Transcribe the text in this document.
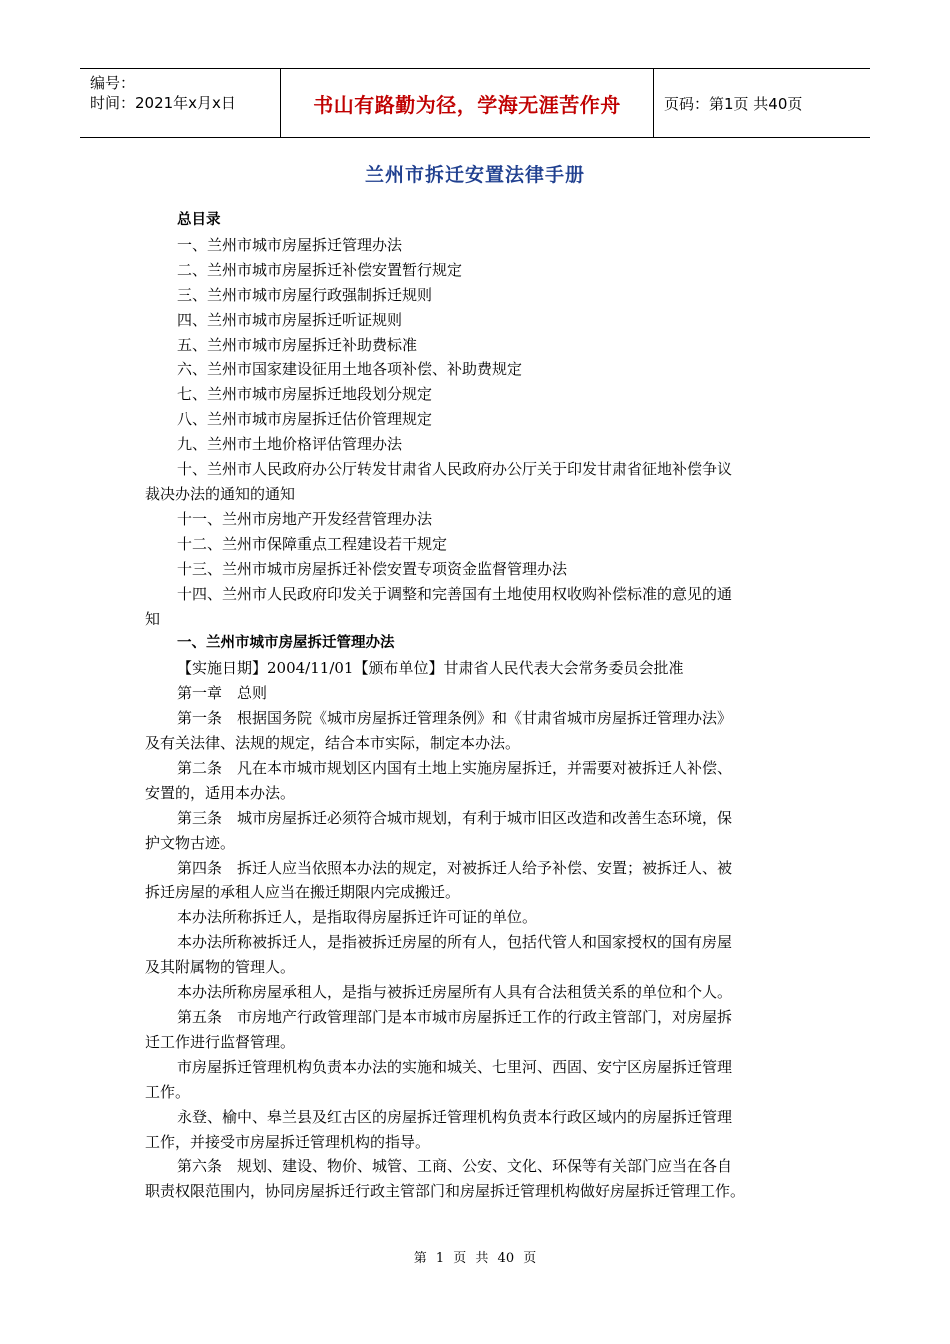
编号：
时间：2021年x月x日	书山有路勤为径，学海无涯苦作舟	页码：第1页 共40页
兰州市拆迁安置法律手册
总目录
一、兰州市城市房屋拆迁管理办法
二、兰州市城市房屋拆迁补偿安置暂行规定
三、兰州市城市房屋行政强制拆迁规则
四、兰州市城市房屋拆迁听证规则
五、兰州市城市房屋拆迁补助费标准
六、兰州市国家建设征用土地各项补偿、补助费规定
七、兰州市城市房屋拆迁地段划分规定
八、兰州市城市房屋拆迁估价管理规定
九、兰州市土地价格评估管理办法
十、兰州市人民政府办公厅转发甘肃省人民政府办公厅关于印发甘肃省征地补偿争议
裁决办法的通知的通知
十一、兰州市房地产开发经营管理办法
十二、兰州市保障重点工程建设若干规定
十三、兰州市城市房屋拆迁补偿安置专项资金监督管理办法
十四、兰州市人民政府印发关于调整和完善国有土地使用权收购补偿标准的意见的通
知
一、兰州市城市房屋拆迁管理办法
【实施日期】2004/11/01【颁布单位】甘肃省人民代表大会常务委员会批准
第一章　总则
第一条　根据国务院《城市房屋拆迁管理条例》和《甘肃省城市房屋拆迁管理办法》
及有关法律、法规的规定，结合本市实际，制定本办法。
第二条　凡在本市城市规划区内国有土地上实施房屋拆迁，并需要对被拆迁人补偿、
安置的，适用本办法。
第三条　城市房屋拆迁必须符合城市规划，有利于城市旧区改造和改善生态环境，保
护文物古迹。
第四条　拆迁人应当依照本办法的规定，对被拆迁人给予补偿、安置；被拆迁人、被
拆迁房屋的承租人应当在搬迁期限内完成搬迁。
本办法所称拆迁人，是指取得房屋拆迁许可证的单位。
本办法所称被拆迁人，是指被拆迁房屋的所有人，包括代管人和国家授权的国有房屋
及其附属物的管理人。
本办法所称房屋承租人，是指与被拆迁房屋所有人具有合法租赁关系的单位和个人。
第五条　市房地产行政管理部门是本市城市房屋拆迁工作的行政主管部门，对房屋拆
迁工作进行监督管理。
市房屋拆迁管理机构负责本办法的实施和城关、七里河、西固、安宁区房屋拆迁管理
工作。
永登、榆中、皋兰县及红古区的房屋拆迁管理机构负责本行政区域内的房屋拆迁管理
工作，并接受市房屋拆迁管理机构的指导。
第六条　规划、建设、物价、城管、工商、公安、文化、环保等有关部门应当在各自
职责权限范围内，协同房屋拆迁行政主管部门和房屋拆迁管理机构做好房屋拆迁管理工作。
第 1 页 共 40 页
